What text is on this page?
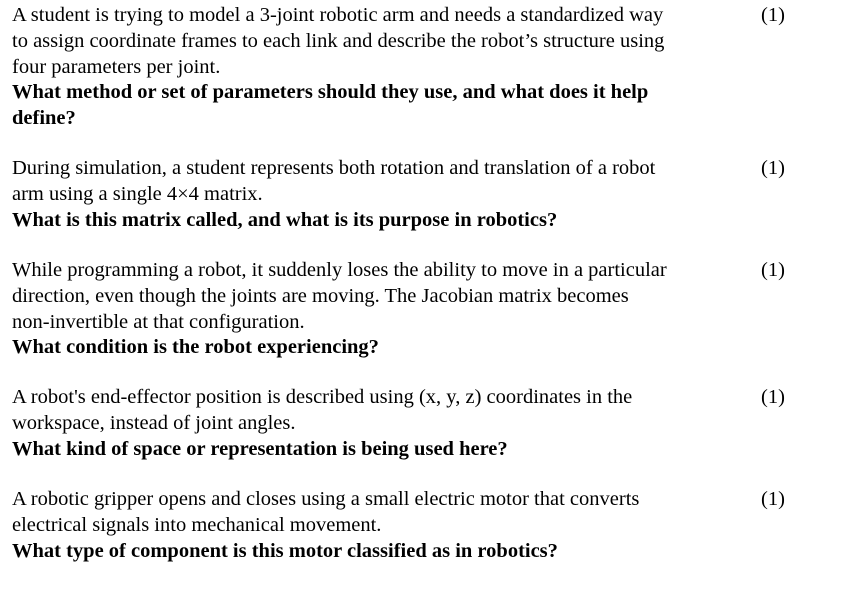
A student is trying to model a 3-joint robotic arm and needs a standardized way
to assign coordinate frames to each link and describe the robot’s structure using
four parameters per joint.
What method or set of parameters should they use, and what does it help
define?
(1)
During simulation, a student represents both rotation and translation of a robot
arm using a single 4×4 matrix.
What is this matrix called, and what is its purpose in robotics?
(1)
While programming a robot, it suddenly loses the ability to move in a particular
direction, even though the joints are moving. The Jacobian matrix becomes
non-invertible at that configuration.
What condition is the robot experiencing?
(1)
A robot's end-effector position is described using (x, y, z) coordinates in the
workspace, instead of joint angles.
What kind of space or representation is being used here?
(1)
A robotic gripper opens and closes using a small electric motor that converts
electrical signals into mechanical movement.
What type of component is this motor classified as in robotics?
(1)
